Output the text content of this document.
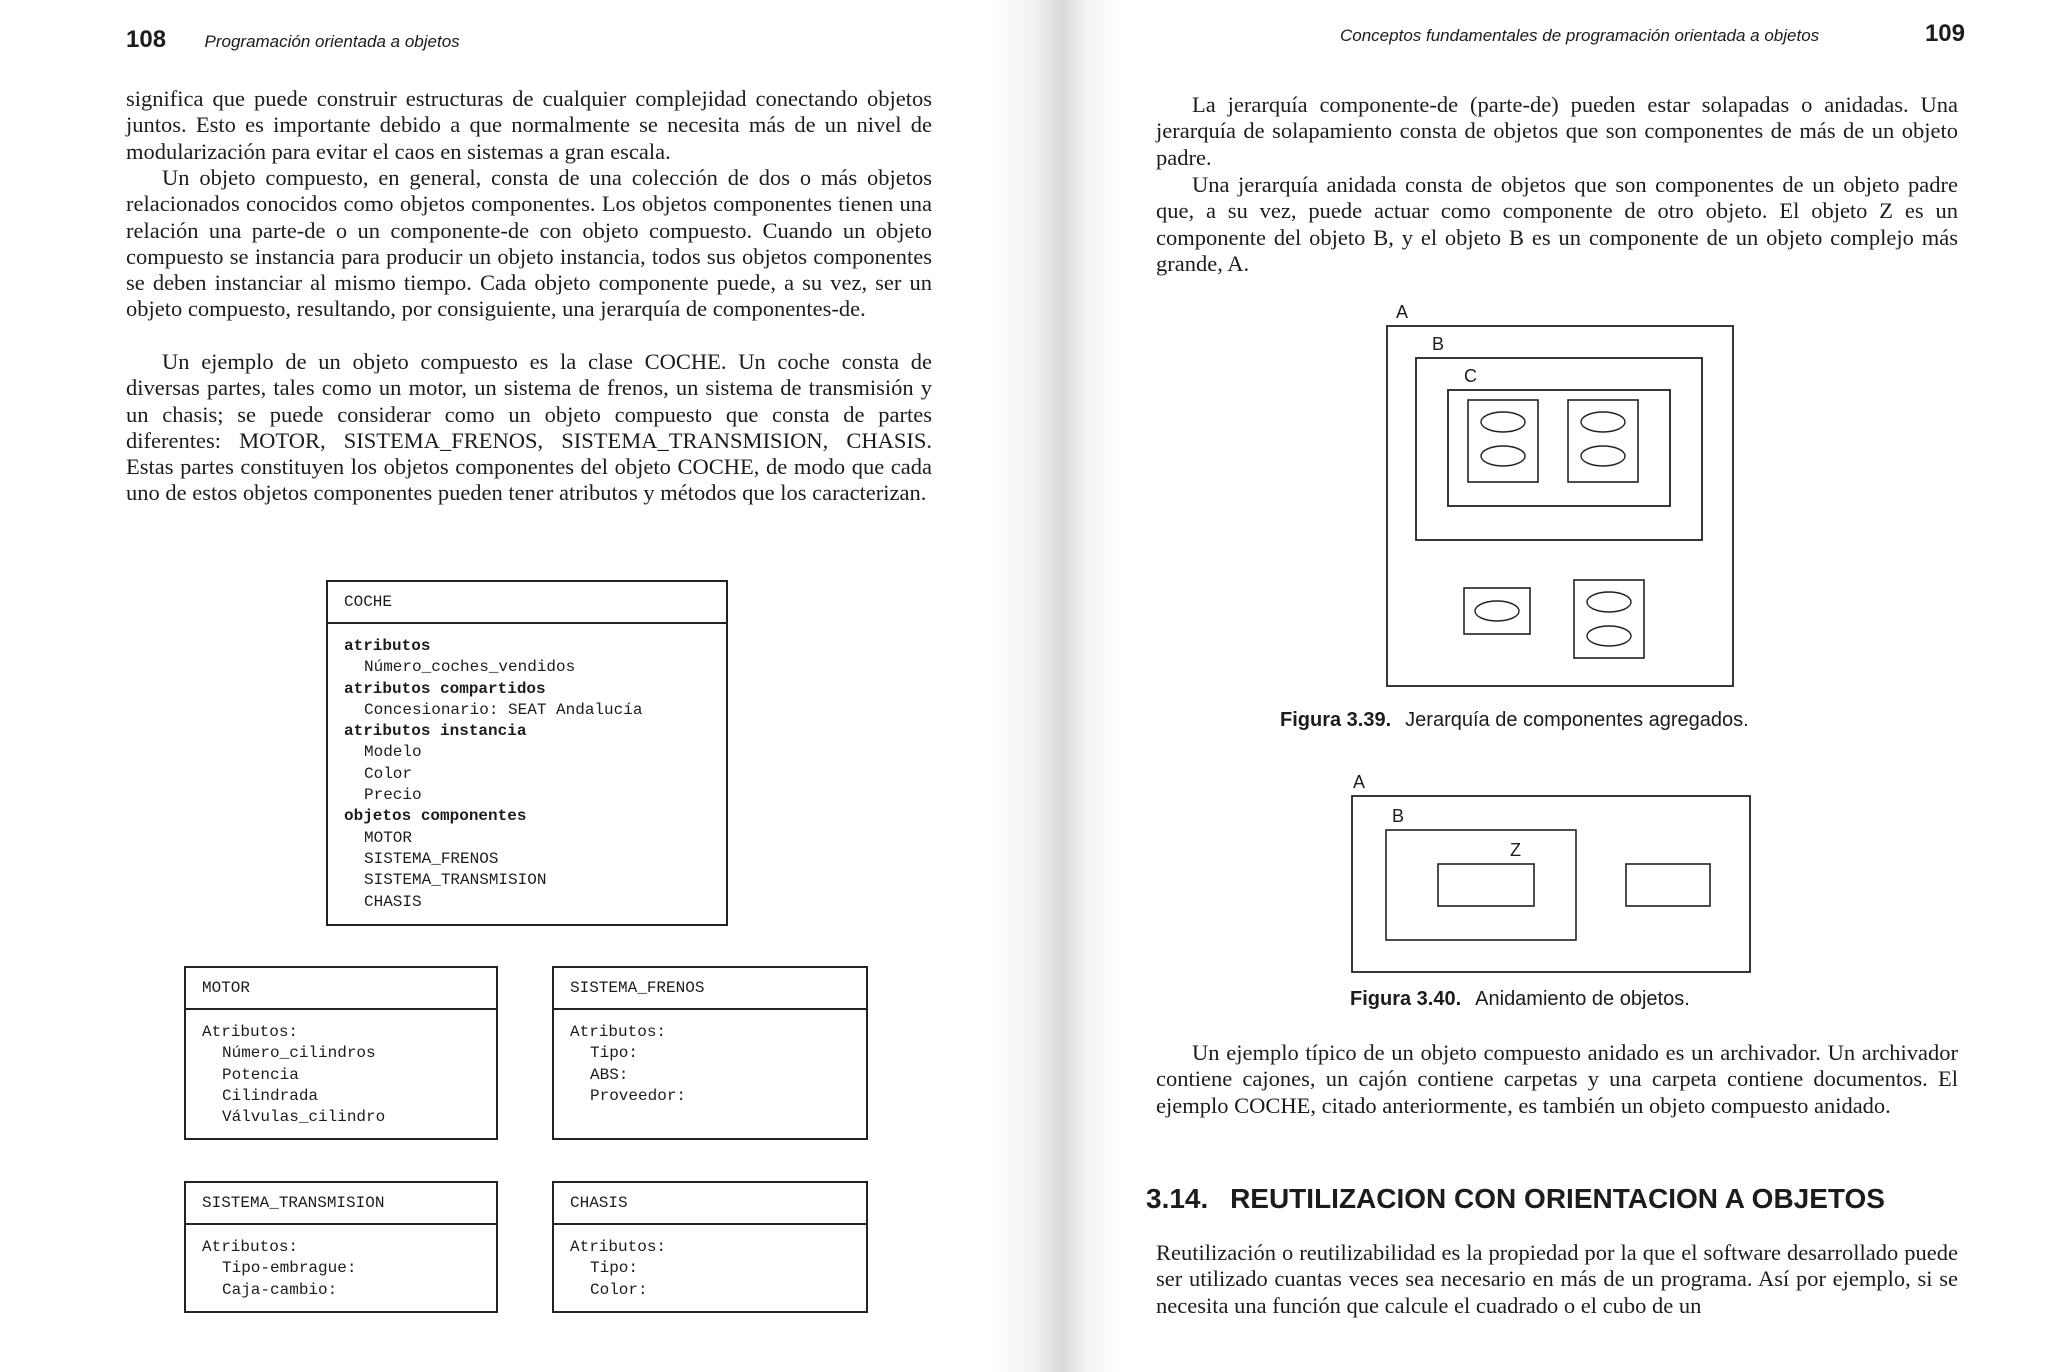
108 Programación orientada a objetos

significa que puede construir estructuras de cualquier complejidad conectando objetos juntos. Esto es importante debido a que normalmente se necesita más de un nivel de modularización para evitar el caos en sistemas a gran escala.

Un objeto compuesto, en general, consta de una colección de dos o más objetos relacionados conocidos como objetos componentes. Los objetos componentes tienen una relación una parte-de o un componente-de con objeto compuesto. Cuando un objeto compuesto se instancia para producir un objeto instancia, todos sus objetos componentes se deben instanciar al mismo tiempo. Cada objeto componente puede, a su vez, ser un objeto compuesto, resultando, por consiguiente, una jerarquía de componentes-de.

Un ejemplo de un objeto compuesto es la clase COCHE. Un coche consta de diversas partes, tales como un motor, un sistema de frenos, un sistema de transmisión y un chasis; se puede considerar como un objeto compuesto que consta de partes diferentes: MOTOR, SISTEMA_FRENOS, SISTEMA_TRANSMISION, CHASIS. Estas partes constituyen los objetos componentes del objeto COCHE, de modo que cada uno de estos objetos componentes pueden tener atributos y métodos que los caracterizan.

COCHE
atributos
Número_coches_vendidos
atributos compartidos
Concesionario: SEAT Andalucía
atributos instancia
Modelo
Color
Precio
objetos componentes
MOTOR
SISTEMA_FRENOS
SISTEMA_TRANSMISION
CHASIS
MOTOR
Atributos:
Número_cilindros
Potencia
Cilindrada
Válvulas_cilindro
SISTEMA_FRENOS
Atributos:
Tipo:
ABS:
Proveedor:
SISTEMA_TRANSMISION
Atributos:
Tipo-embrague:
Caja-cambio:
CHASIS
Atributos:
Tipo:
Color:
Conceptos fundamentales de programación orientada a objetos	109

La jerarquía componente-de (parte-de) pueden estar solapadas o anidadas. Una jerarquía de solapamiento consta de objetos que son componentes de más de un objeto padre.

Una jerarquía anidada consta de objetos que son componentes de un objeto padre que, a su vez, puede actuar como componente de otro objeto. El objeto Z es un componente del objeto B, y el objeto B es un componente de un objeto complejo más grande, A.

A
B
C
Figura 3.39. Jerarquía de componentes agregados.
A
B
Z
Figura 3.40. Anidamiento de objetos.

Un ejemplo típico de un objeto compuesto anidado es un archivador. Un archivador contiene cajones, un cajón contiene carpetas y una carpeta contiene documentos. El ejemplo COCHE, citado anteriormente, es también un objeto compuesto anidado.

3.14. REUTILIZACION CON ORIENTACION A OBJETOS

Reutilización o reutilizabilidad es la propiedad por la que el software desarrollado puede ser utilizado cuantas veces sea necesario en más de un programa. Así por ejemplo, si se necesita una función que calcule el cuadrado o el cubo de un
